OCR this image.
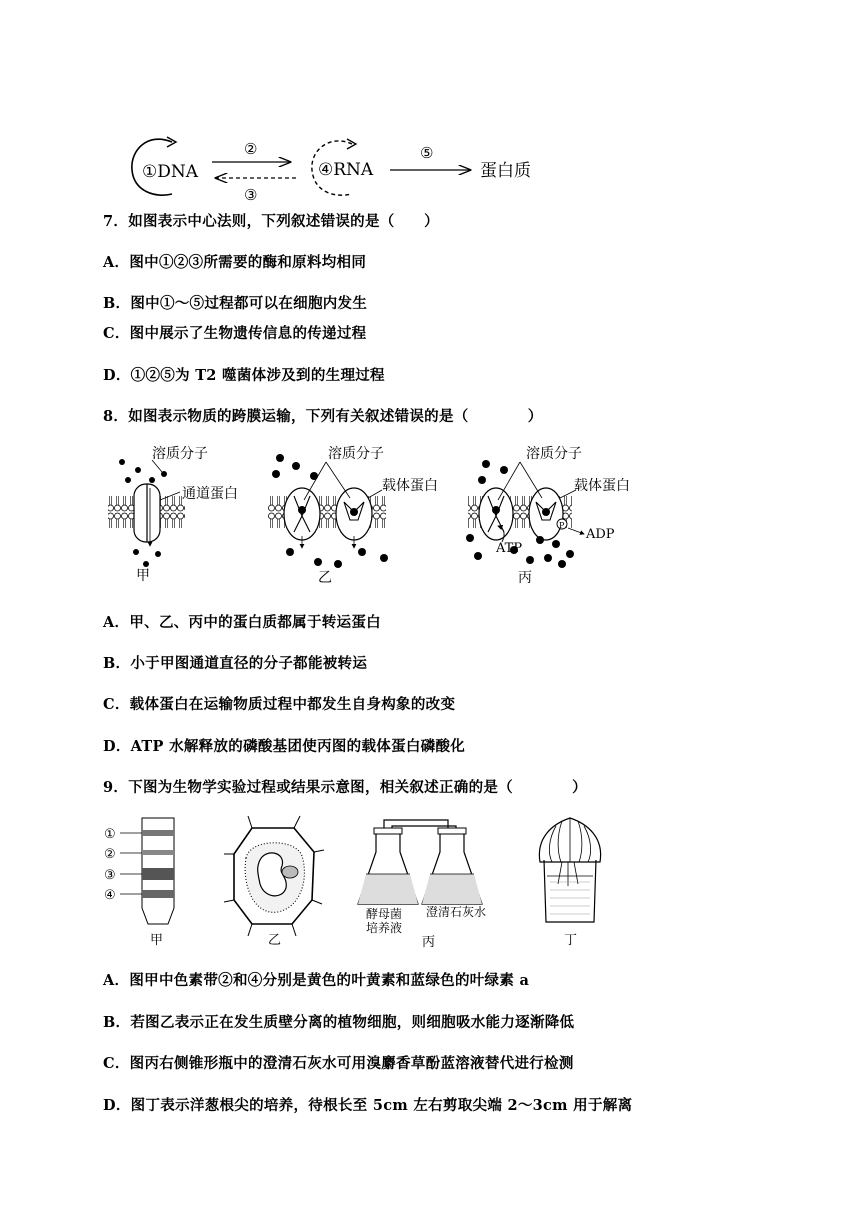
①DNA
②
③
④RNA
⑤
蛋白质
7．如图表示中心法则，下列叙述错误的是（　　）
A．图中①②③所需要的酶和原料均相同
B．图中①～⑤过程都可以在细胞内发生
C．图中展示了生物遗传信息的传递过程
D．①②⑤为 T2 噬菌体涉及到的生理过程
8．如图表示物质的跨膜运输，下列有关叙述错误的是（　　　　）
溶质分子
通道蛋白
甲
溶质分子
载体蛋白
乙
P
溶质分子
载体蛋白
ATP
ADP
丙
A．甲、乙、丙中的蛋白质都属于转运蛋白
B．小于甲图通道直径的分子都能被转运
C．载体蛋白在运输物质过程中都发生自身构象的改变
D．ATP 水解释放的磷酸基团使丙图的载体蛋白磷酸化
9．下图为生物学实验过程或结果示意图，相关叙述正确的是（　　　　）
①
②
③
④
甲	乙
酵母菌
培养液
澄清石灰水
丙	丁
A．图甲中色素带②和④分别是黄色的叶黄素和蓝绿色的叶绿素 a
B．若图乙表示正在发生质壁分离的植物细胞，则细胞吸水能力逐渐降低
C．图丙右侧锥形瓶中的澄清石灰水可用溴麝香草酚蓝溶液替代进行检测
D．图丁表示洋葱根尖的培养，待根长至 5cm 左右剪取尖端 2～3cm 用于解离
